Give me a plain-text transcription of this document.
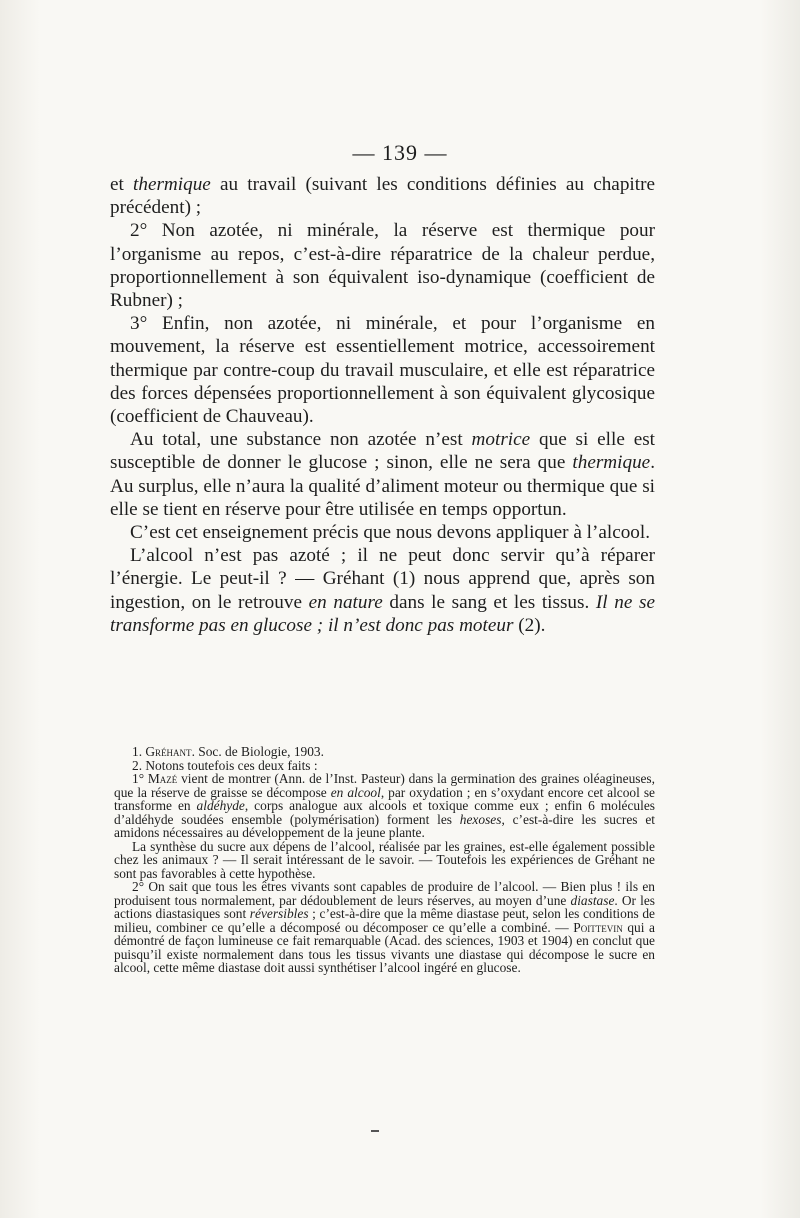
— 139 —

et thermique au travail (suivant les conditions définies au chapitre précédent) ;

2° Non azotée, ni minérale, la réserve est thermique pour l’organisme au repos, c’est-à-dire réparatrice de la chaleur perdue, proportionnellement à son équivalent iso-dynamique (coefficient de Rubner) ;

3° Enfin, non azotée, ni minérale, et pour l’organisme en mouvement, la réserve est essentiellement motrice, accessoirement thermique par contre-coup du travail musculaire, et elle est réparatrice des forces dépensées proportionnellement à son équivalent glycosique (coefficient de Chauveau).

Au total, une substance non azotée n’est motrice que si elle est susceptible de donner le glucose ; sinon, elle ne sera que thermique. Au surplus, elle n’aura la qualité d’aliment moteur ou thermique que si elle se tient en réserve pour être utilisée en temps opportun.

C’est cet enseignement précis que nous devons appliquer à l’alcool.

L’alcool n’est pas azoté ; il ne peut donc servir qu’à réparer l’énergie. Le peut-il ? — Gréhant (1) nous apprend que, après son ingestion, on le retrouve en nature dans le sang et les tissus. Il ne se transforme pas en glucose ; il n’est donc pas moteur (2).

1. Gréhant. Soc. de Biologie, 1903.

2. Notons toutefois ces deux faits :

1° Mazé vient de montrer (Ann. de l’Inst. Pasteur) dans la germination des graines oléagineuses, que la réserve de graisse se décompose en alcool, par oxydation ; en s’oxydant encore cet alcool se transforme en aldéhyde, corps analogue aux alcools et toxique comme eux ; enfin 6 molécules d’aldéhyde soudées ensemble (polymérisation) forment les hexoses, c’est-à-dire les sucres et amidons nécessaires au développement de la jeune plante.

La synthèse du sucre aux dépens de l’alcool, réalisée par les graines, est-elle également possible chez les animaux ? — Il serait intéressant de le savoir. — Toutefois les expériences de Gréhant ne sont pas favorables à cette hypothèse.

2° On sait que tous les êtres vivants sont capables de produire de l’alcool. — Bien plus ! ils en produisent tous normalement, par dédoublement de leurs réserves, au moyen d’une diastase. Or les actions diastasiques sont réversibles ; c’est-à-dire que la même diastase peut, selon les conditions de milieu, combiner ce qu’elle a décomposé ou décomposer ce qu’elle a combiné. — Poittevin qui a démontré de façon lumineuse ce fait remarquable (Acad. des sciences, 1903 et 1904) en conclut que puisqu’il existe normalement dans tous les tissus vivants une diastase qui décompose le sucre en alcool, cette même diastase doit aussi synthétiser l’alcool ingéré en glucose.
